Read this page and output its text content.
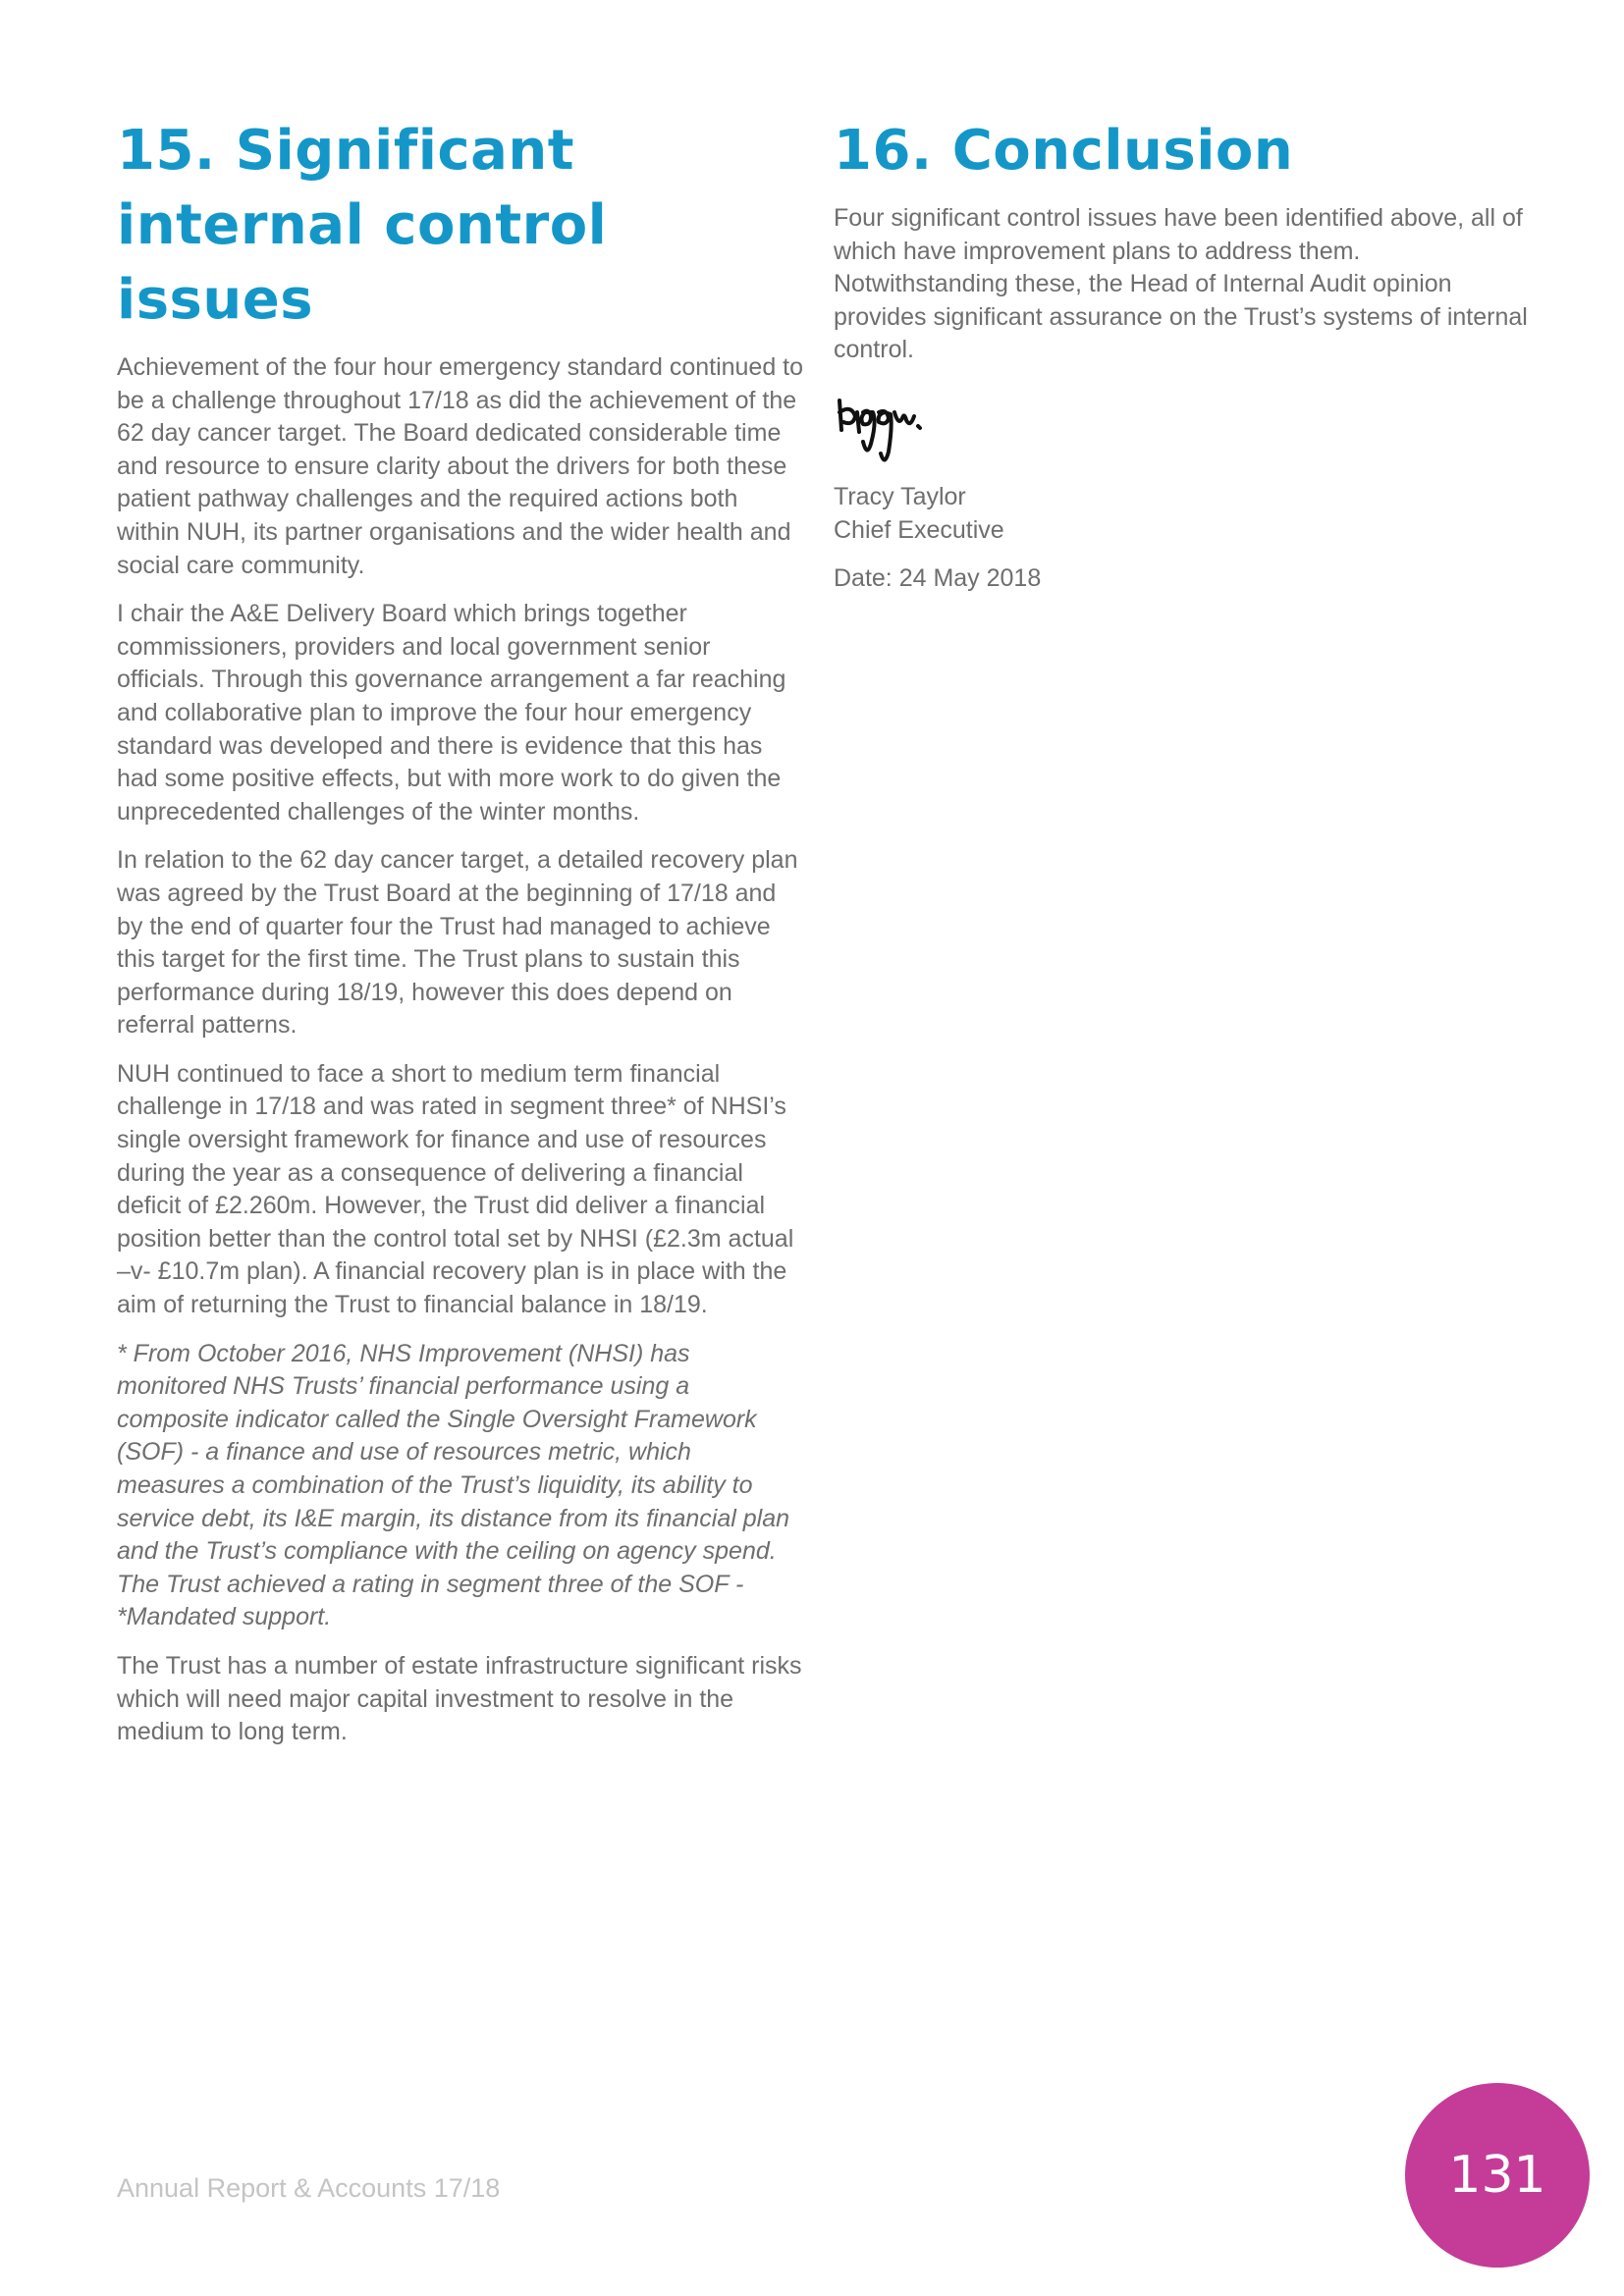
15. Significant internal control issues

Achievement of the four hour emergency standard continued to be a challenge throughout 17/18 as did the achievement of the 62 day cancer target. The Board dedicated considerable time and resource to ensure clarity about the drivers for both these patient pathway challenges and the required actions both within NUH, its partner organisations and the wider health and social care community.

I chair the A&E Delivery Board which brings together commissioners, providers and local government senior officials. Through this governance arrangement a far reaching and collaborative plan to improve the four hour emergency standard was developed and there is evidence that this has had some positive effects, but with more work to do given the unprecedented challenges of the winter months.

In relation to the 62 day cancer target, a detailed recovery plan was agreed by the Trust Board at the beginning of 17/18 and by the end of quarter four the Trust had managed to achieve this target for the first time. The Trust plans to sustain this performance during 18/19, however this does depend on referral patterns.

NUH continued to face a short to medium term financial challenge in 17/18 and was rated in segment three* of NHSI’s single oversight framework for finance and use of resources during the year as a consequence of delivering a financial deficit of £2.260m. However, the Trust did deliver a financial position better than the control total set by NHSI (£2.3m actual –v- £10.7m plan). A financial recovery plan is in place with the aim of returning the Trust to financial balance in 18/19.

* From October 2016, NHS Improvement (NHSI) has monitored NHS Trusts’ financial performance using a composite indicator called the Single Oversight Framework (SOF) - a finance and use of resources metric, which measures a combination of the Trust’s liquidity, its ability to service debt, its I&E margin, its distance from its financial plan and the Trust’s compliance with the ceiling on agency spend. The Trust achieved a rating in segment three of the SOF - *Mandated support.

The Trust has a number of estate infrastructure significant risks which will need major capital investment to resolve in the medium to long term.

16. Conclusion

Four significant control issues have been identified above, all of which have improvement plans to address them. Notwithstanding these, the Head of Internal Audit opinion provides significant assurance on the Trust’s systems of internal control.

Tracy Taylor

Chief Executive

Date: 24 May 2018

Annual Report & Accounts 17/18	131
